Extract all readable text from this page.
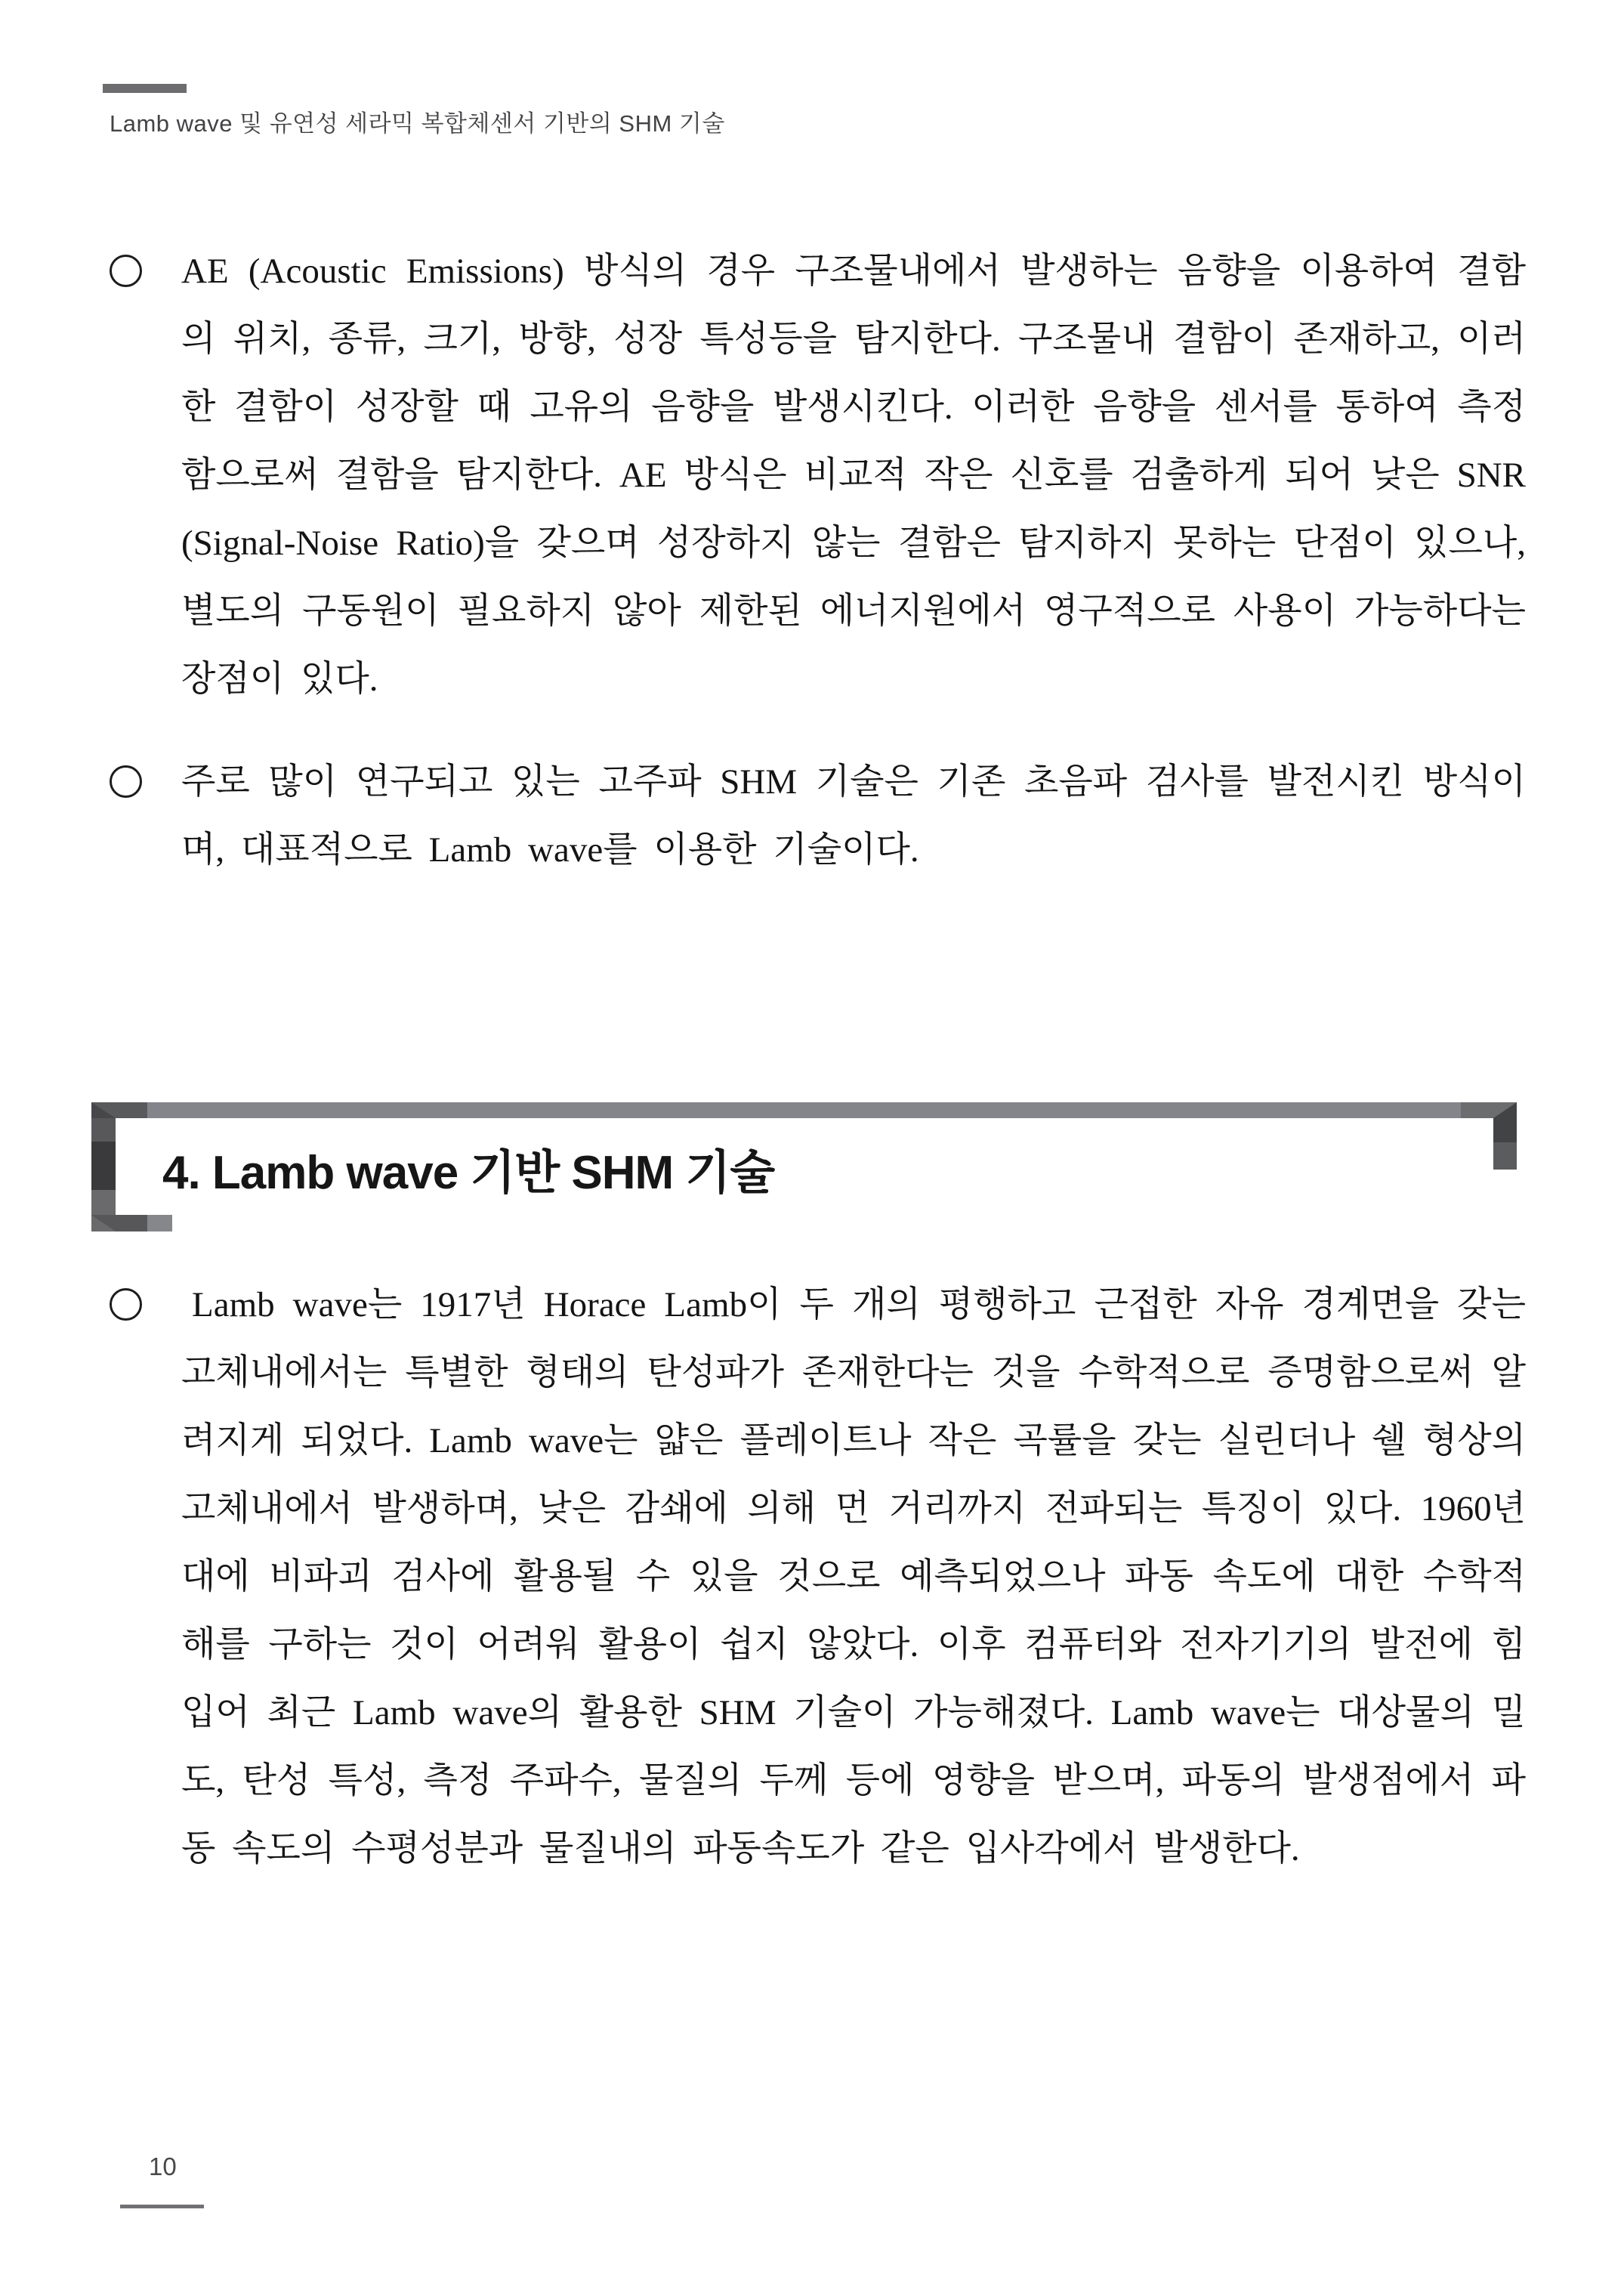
Lamb wave 및 유연성 세라믹 복합체센서 기반의 SHM 기술

AE (Acoustic Emissions) 방식의 경우 구조물내에서 발생하는 음향을 이용하여 결함의 위치, 종류, 크기, 방향, 성장 특성등을 탐지한다. 구조물내 결함이 존재하고, 이러한 결함이 성장할 때 고유의 음향을 발생시킨다. 이러한 음향을 센서를 통하여 측정함으로써 결함을 탐지한다. AE 방식은 비교적 작은 신호를 검출하게 되어 낮은 SNR (Signal-Noise Ratio)을 갖으며 성장하지 않는 결함은 탐지하지 못하는 단점이 있으나, 별도의 구동원이 필요하지 않아 제한된 에너지원에서 영구적으로 사용이 가능하다는 장점이 있다.

주로 많이 연구되고 있는 고주파 SHM 기술은 기존 초음파 검사를 발전시킨 방식이며, 대표적으로 Lamb wave를 이용한 기술이다.

4. Lamb wave 기반 SHM 기술

Lamb wave는 1917년 Horace Lamb이 두 개의 평행하고 근접한 자유 경계면을 갖는 고체내에서는 특별한 형태의 탄성파가 존재한다는 것을 수학적으로 증명함으로써 알려지게 되었다. Lamb wave는 얇은 플레이트나 작은 곡률을 갖는 실린더나 쉘 형상의 고체내에서 발생하며, 낮은 감쇄에 의해 먼 거리까지 전파되는 특징이 있다. 1960년대에 비파괴 검사에 활용될 수 있을 것으로 예측되었으나 파동 속도에 대한 수학적 해를 구하는 것이 어려워 활용이 쉽지 않았다. 이후 컴퓨터와 전자기기의 발전에 힘입어 최근 Lamb wave의 활용한 SHM 기술이 가능해졌다. Lamb wave는 대상물의 밀도, 탄성 특성, 측정 주파수, 물질의 두께 등에 영향을 받으며, 파동의 발생점에서 파동 속도의 수평성분과 물질내의 파동속도가 같은 입사각에서 발생한다.

10
